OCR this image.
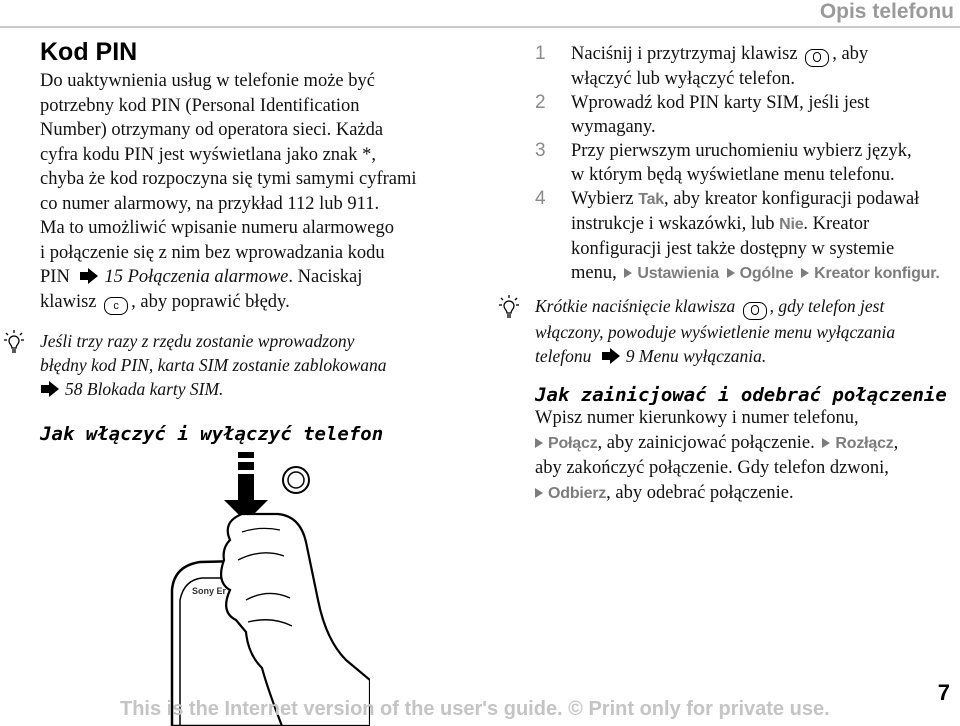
Opis telefonu
Kod PIN
Do uaktywnienia usług w telefonie może być
potrzebny kod PIN (Personal Identification
Number) otrzymany od operatora sieci. Każda
cyfra kodu PIN jest wyświetlana jako znak *,
chyba że kod rozpoczyna się tymi samymi cyframi
co numer alarmowy, na przykład 112 lub 911.
Ma to umożliwić wpisanie numeru alarmowego
i połączenie się z nim bez wprowadzania kodu
PIN 15 Połączenia alarmowe. Naciskaj
klawisz c , aby poprawić błędy.
Jeśli trzy razy z rzędu zostanie wprowadzony
błędny kod PIN, karta SIM zostanie zablokowana
58 Blokada karty SIM.
Jak włączyć i wyłączyć telefon
Sony Er
1 Naciśnij i przytrzymaj klawisz , aby
włączyć lub wyłączyć telefon.
2 Wprowadź kod PIN karty SIM, jeśli jest
wymagany.
3 Przy pierwszym uruchomieniu wybierz język,
w którym będą wyświetlane menu telefonu.
4 Wybierz Tak, aby kreator konfiguracji podawał
instrukcje i wskazówki, lub Nie. Kreator
konfiguracji jest także dostępny w systemie
menu, Ustawienia Ogólne Kreator konfigur.
Krótkie naciśnięcie klawisza , gdy telefon jest
włączony, powoduje wyświetlenie menu wyłączania
telefonu 9 Menu wyłączania.
Jak zainicjować i odebrać połączenie
Wpisz numer kierunkowy i numer telefonu,
Połącz, aby zainicjować połączenie. Rozłącz,
aby zakończyć połączenie. Gdy telefon dzwoni,
Odbierz, aby odebrać połączenie.
This is the Internet version of the user's guide. © Print only for private use.
7
